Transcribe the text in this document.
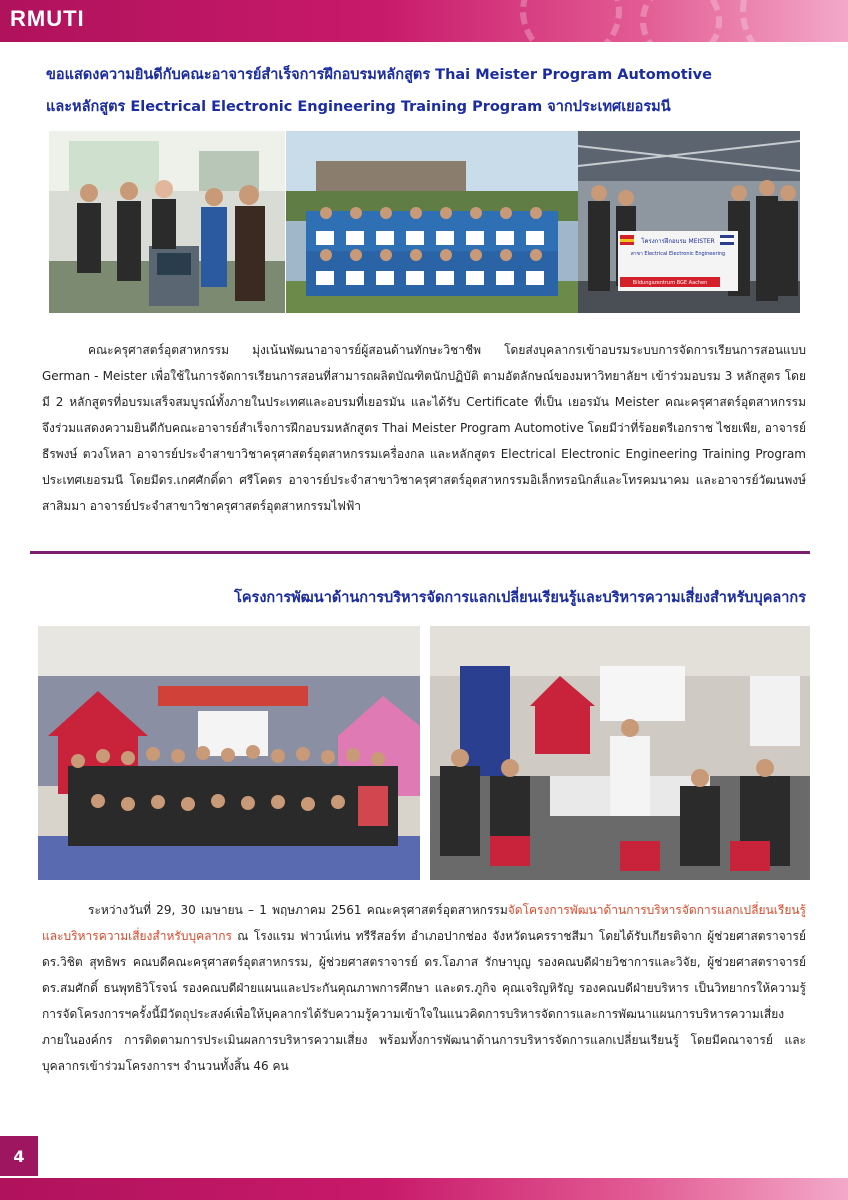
RMUTI
ขอแสดงความยินดีกับคณะอาจารย์สำเร็จการฝึกอบรมหลักสูตร Thai Meister Program Automotive
และหลักสูตร Electrical Electronic Engineering Training Program จากประเทศเยอรมนี
โครงการฝึกอบรม MEISTER
สาขา Electrical Electronic Engineering
Bildungszentrum BGE Aachen

คณะครุศาสตร์อุตสาหกรรม มุ่งเน้นพัฒนาอาจารย์ผู้สอนด้านทักษะวิชาชีพ โดยส่งบุคลากรเข้าอบรมระบบการจัดการเรียนการสอนแบบ German - Meister เพื่อใช้ในการจัดการเรียนการสอนที่สามารถผลิตบัณฑิตนักปฏิบัติ ตามอัตลักษณ์ของมหาวิทยาลัยฯ เข้าร่วมอบรม 3 หลักสูตร โดยมี 2 หลักสูตรที่อบรมเสร็จสมบูรณ์ทั้งภายในประเทศและอบรมที่เยอรมัน และได้รับ Certificate ที่เป็น เยอรมัน Meister คณะครุศาสตร์อุตสาหกรรม จึงร่วมแสดงความยินดีกับคณะอาจารย์สำเร็จการฝึกอบรมหลักสูตร Thai Meister Program Automotive โดยมีว่าที่ร้อยตรีเอกราช ไชยเพีย, อาจารย์ธีรพงษ์ ตวงโหลา อาจารย์ประจำสาขาวิชาครุศาสตร์อุตสาหกรรมเครื่องกล และหลักสูตร Electrical Electronic Engineering Training Program ประเทศเยอรมนี โดยมีดร.เกศศักดิ์ดา ศรีโคตร อาจารย์ประจำสาขาวิชาครุศาสตร์อุตสาหกรรมอิเล็กทรอนิกส์และโทรคมนาคม และอาจารย์วัฒนพงษ์ สาสิมมา อาจารย์ประจำสาขาวิชาครุศาสตร์อุตสาหกรรมไฟฟ้า

โครงการพัฒนาด้านการบริหารจัดการแลกเปลี่ยนเรียนรู้และบริหารความเสี่ยงสำหรับบุคลากร

ระหว่างวันที่ 29, 30 เมษายน – 1 พฤษภาคม 2561 คณะครุศาสตร์อุตสาหกรรมจัดโครงการพัฒนาด้านการบริหารจัดการแลกเปลี่ยนเรียนรู้และบริหารความเสี่ยงสำหรับบุคลากร ณ โรงแรม ฟาวน์เท่น ทรีรีสอร์ท อำเภอปากช่อง จังหวัดนครราชสีมา โดยได้รับเกียรติจาก ผู้ช่วยศาสตราจารย์ ดร.วิชิต สุทธิพร คณบดีคณะครุศาสตร์อุตสาหกรรม, ผู้ช่วยศาสตราจารย์ ดร.โอภาส รักษาบุญ รองคณบดีฝ่ายวิชาการและวิจัย, ผู้ช่วยศาสตราจารย์ ดร.สมศักดิ์ ธนพุทธิวิโรจน์ รองคณบดีฝ่ายแผนและประกันคุณภาพการศึกษา และดร.ภูกิจ คุณเจริญหิรัญ รองคณบดีฝ่ายบริหาร เป็นวิทยากรให้ความรู้ การจัดโครงการฯครั้งนี้มีวัตถุประสงค์เพื่อให้บุคลากรได้รับความรู้ความเข้าใจในแนวคิดการบริหารจัดการและการพัฒนาแผนการบริหารความเสี่ยงภายในองค์กร การติดตามการประเมินผลการบริหารความเสี่ยง พร้อมทั้งการพัฒนาด้านการบริหารจัดการแลกเปลี่ยนเรียนรู้ โดยมีคณาจารย์ และบุคลากรเข้าร่วมโครงการฯ จำนวนทั้งสิ้น 46 คน

4
